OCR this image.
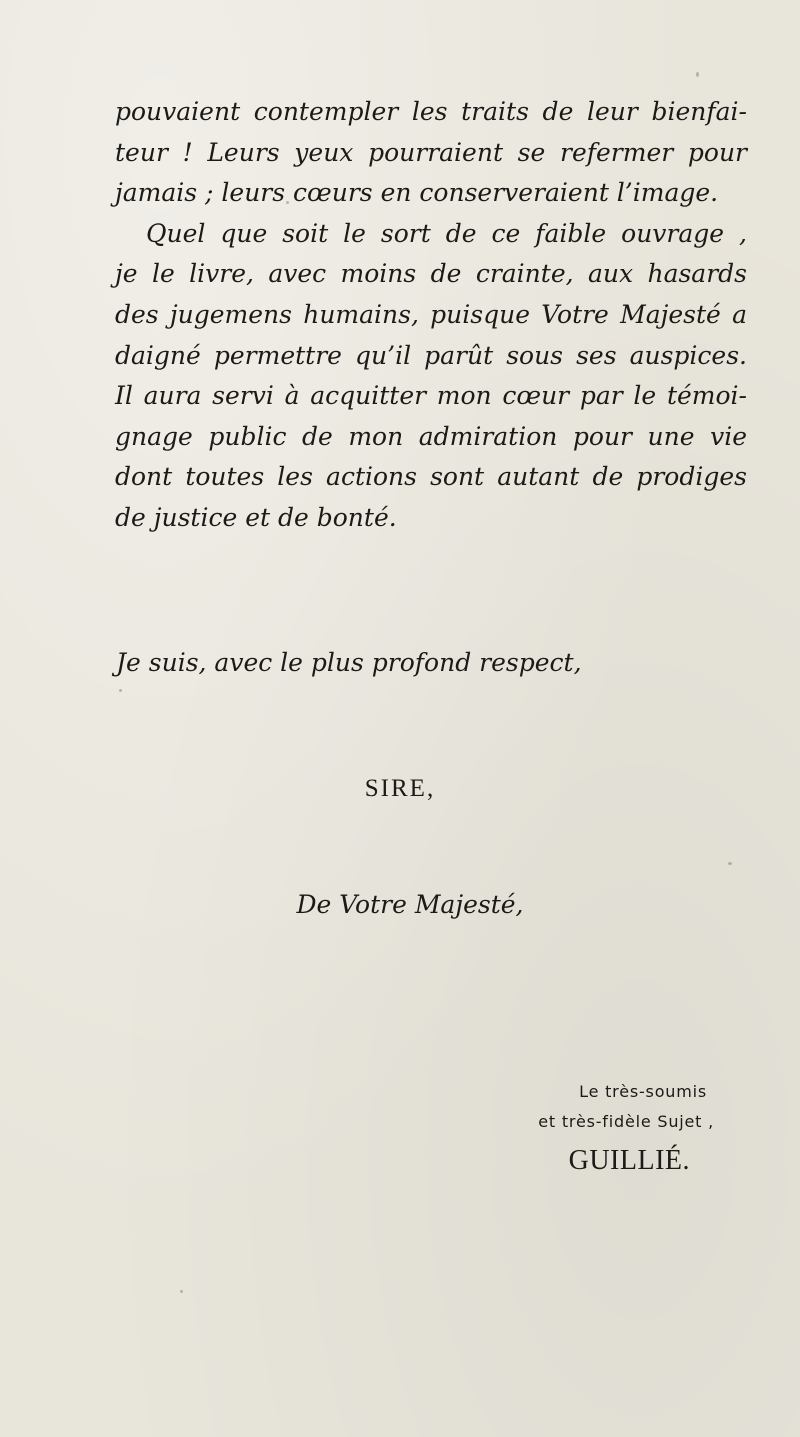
pouvaient contempler les traits de leur bienfai-
teur ! Leurs yeux pourraient se refermer pour
jamais ; leurs cœurs en conserveraient l’image.
Quel que soit le sort de ce faible ouvrage ,
je le livre, avec moins de crainte, aux hasards
des jugemens humains, puisque Votre Majesté a
daigné permettre qu’il parût sous ses auspices.
Il aura servi à acquitter mon cœur par le témoi-
gnage public de mon admiration pour une vie
dont toutes les actions sont autant de prodiges
de justice et de bonté.
Je suis, avec le plus profond respect,
SIRE,
De Votre Majesté,
Le très-soumis
et très-fidèle Sujet ,
GUILLIÉ.
